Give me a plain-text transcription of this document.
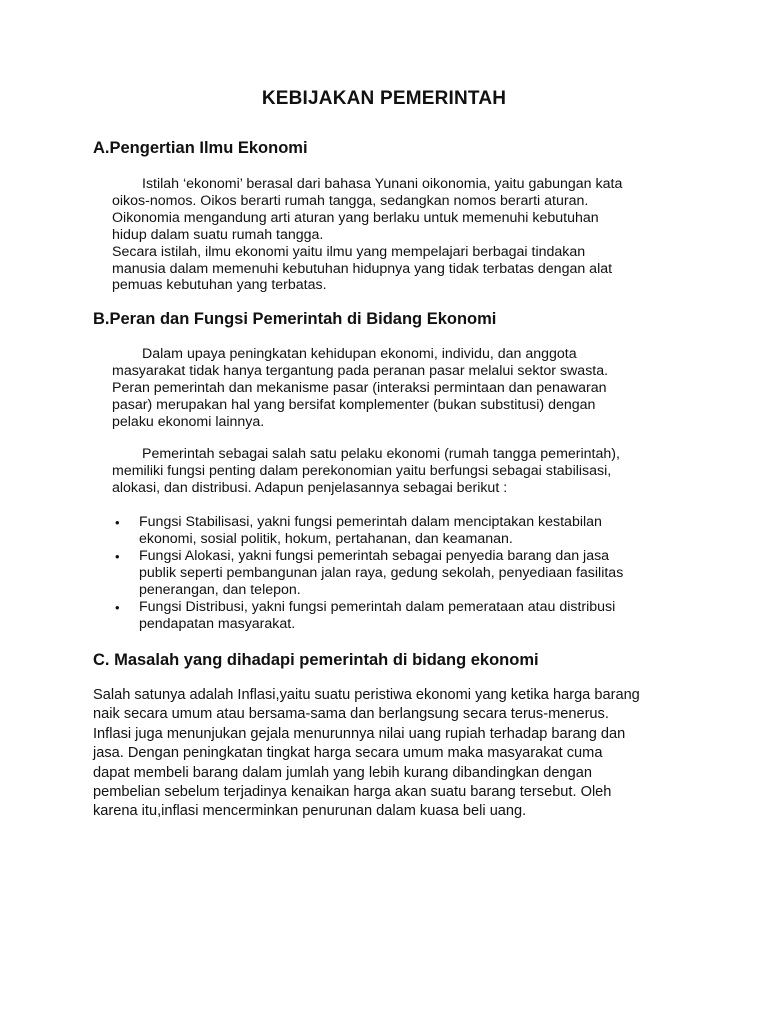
KEBIJAKAN PEMERINTAH
A.Pengertian Ilmu Ekonomi

Istilah ‘ekonomi’ berasal dari bahasa Yunani oikonomia, yaitu gabungan kata
oikos-nomos. Oikos berarti rumah tangga, sedangkan nomos berarti aturan.
Oikonomia mengandung arti aturan yang berlaku untuk memenuhi kebutuhan
hidup dalam suatu rumah tangga.
Secara istilah, ilmu ekonomi yaitu ilmu yang mempelajari berbagai tindakan
manusia dalam memenuhi kebutuhan hidupnya yang tidak terbatas dengan alat
pemuas kebutuhan yang terbatas.

B.Peran dan Fungsi Pemerintah di Bidang Ekonomi

Dalam upaya peningkatan kehidupan ekonomi, individu, dan anggota
masyarakat tidak hanya tergantung pada peranan pasar melalui sektor swasta.
Peran pemerintah dan mekanisme pasar (interaksi permintaan dan penawaran
pasar) merupakan hal yang bersifat komplementer (bukan substitusi) dengan
pelaku ekonomi lainnya.

Pemerintah sebagai salah satu pelaku ekonomi (rumah tangga pemerintah),
memiliki fungsi penting dalam perekonomian yaitu berfungsi sebagai stabilisasi,
alokasi, dan distribusi. Adapun penjelasannya sebagai berikut :

• Fungsi Stabilisasi, yakni fungsi pemerintah dalam menciptakan kestabilan
ekonomi, sosial politik, hokum, pertahanan, dan keamanan.
• Fungsi Alokasi, yakni fungsi pemerintah sebagai penyedia barang dan jasa
publik seperti pembangunan jalan raya, gedung sekolah, penyediaan fasilitas
penerangan, dan telepon.
• Fungsi Distribusi, yakni fungsi pemerintah dalam pemerataan atau distribusi
pendapatan masyarakat.
C. Masalah yang dihadapi pemerintah di bidang ekonomi

Salah satunya adalah Inflasi,yaitu suatu peristiwa ekonomi yang ketika harga barang
naik secara umum atau bersama-sama dan berlangsung secara terus-menerus.
Inflasi juga menunjukan gejala menurunnya nilai uang rupiah terhadap barang dan
jasa. Dengan peningkatan tingkat harga secara umum maka masyarakat cuma
dapat membeli barang dalam jumlah yang lebih kurang dibandingkan dengan
pembelian sebelum terjadinya kenaikan harga akan suatu barang tersebut. Oleh
karena itu,inflasi mencerminkan penurunan dalam kuasa beli uang.
